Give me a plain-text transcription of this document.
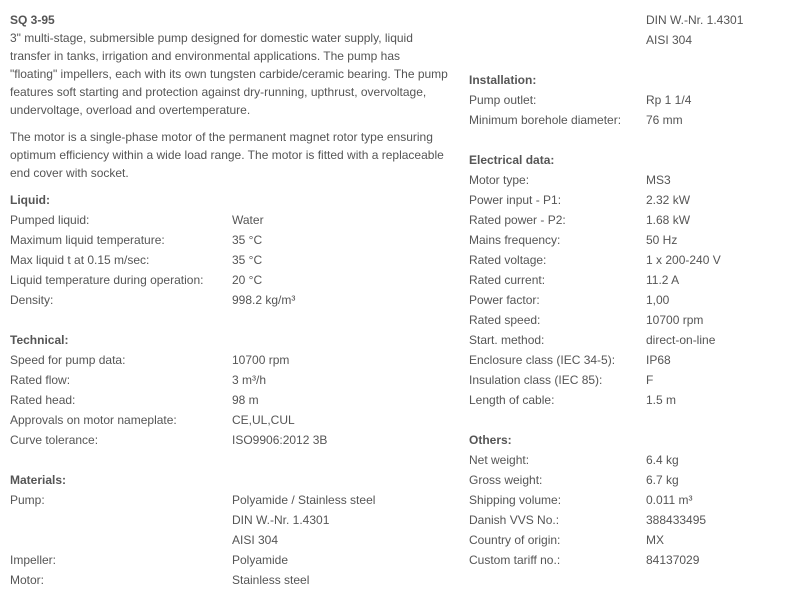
SQ 3-95
3" multi-stage, submersible pump designed for domestic water supply, liquid transfer in tanks, irrigation and environmental applications. The pump has "floating" impellers, each with its own tungsten carbide/ceramic bearing. The pump features soft starting and protection against dry-running, upthrust, overvoltage, undervoltage, overload and overtemperature.
The motor is a single-phase motor of the permanent magnet rotor type ensuring optimum efficiency within a wide load range. The motor is fitted with a replaceable end cover with socket.
Liquid:
Pumped liquid:	Water
Maximum liquid temperature:	35 °C
Max liquid t at 0.15 m/sec:	35 °C
Liquid temperature during operation: 20 °C
Density:	998.2 kg/m³
Technical:
Speed for pump data:	10700 rpm
Rated flow:	3 m³/h
Rated head:	98 m
Approvals on motor nameplate:	CE,UL,CUL
Curve tolerance:	ISO9906:2012 3B
Materials:
Pump:	Polyamide / Stainless steel
DIN W.-Nr. 1.4301
AISI 304
Impeller:	Polyamide
Motor:	Stainless steel
DIN W.-Nr. 1.4301
AISI 304
Installation:
Pump outlet:	Rp 1 1/4
Minimum borehole diameter: 76 mm
Electrical data:
Motor type:	MS3
Power input - P1:	2.32 kW
Rated power - P2:	1.68 kW
Mains frequency:	50 Hz
Rated voltage:	1 x 200-240 V
Rated current:	11.2 A
Power factor:	1,00
Rated speed:	10700 rpm
Start. method:	direct-on-line
Enclosure class (IEC 34-5):	IP68
Insulation class (IEC 85):	F
Length of cable:	1.5 m
Others:
Net weight:	6.4 kg
Gross weight:	6.7 kg
Shipping volume:	0.011 m³
Danish VVS No.:	388433495
Country of origin:	MX
Custom tariff no.:	84137029
